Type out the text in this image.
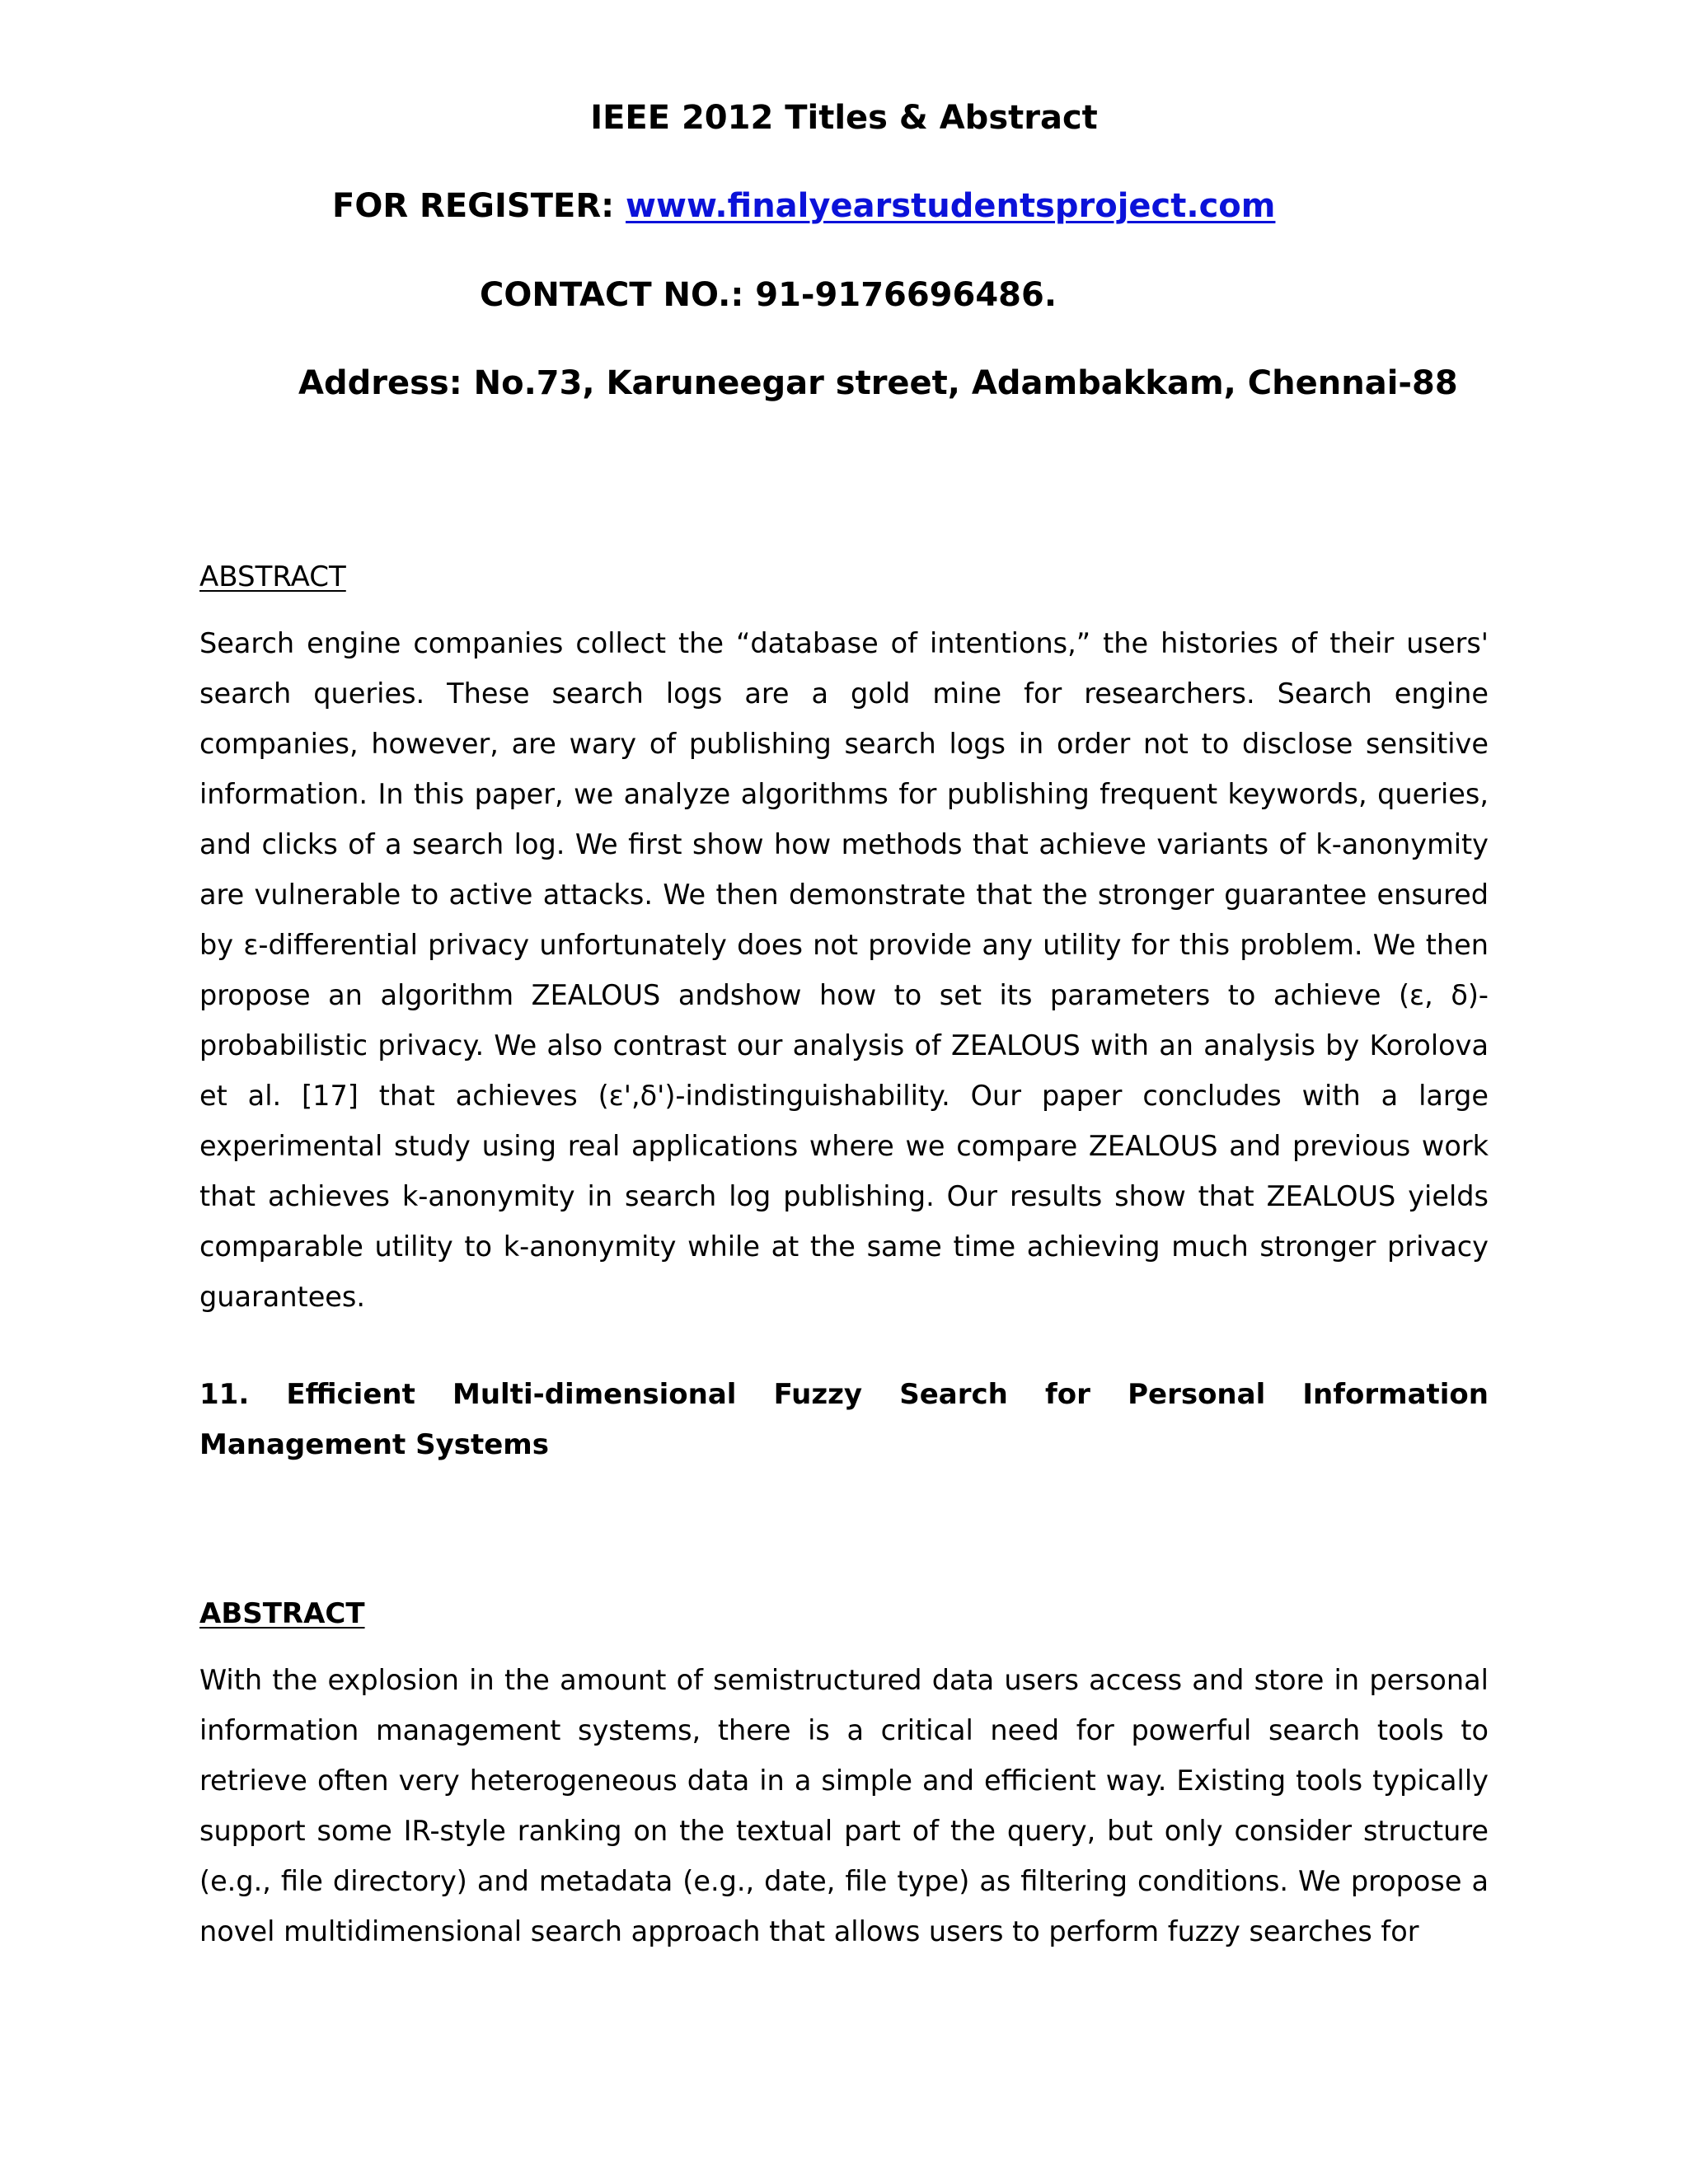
IEEE 2012 Titles & Abstract
FOR REGISTER: www.finalyearstudentsproject.com
CONTACT NO.: 91-9176696486.
Address: No.73, Karuneegar street, Adambakkam, Chennai-88

ABSTRACT

Search engine companies collect the “database of intentions,” the histories of their users' search queries. These search logs are a gold mine for researchers. Search engine companies, however, are wary of publishing search logs in order not to disclose sensitive information. In this paper, we analyze algorithms for publishing frequent keywords, queries, and clicks of a search log. We first show how methods that achieve variants of k-anonymity are vulnerable to active attacks. We then demonstrate that the stronger guarantee ensured by ε-differential privacy unfortunately does not provide any utility for this problem. We then propose an algorithm ZEALOUS andshow how to set its parameters to achieve (ε, δ)-probabilistic privacy. We also contrast our analysis of ZEALOUS with an analysis by Korolova et al. [17] that achieves (ε',δ')-indistinguishability. Our paper concludes with a large experimental study using real applications where we compare ZEALOUS and previous work that achieves k-anonymity in search log publishing. Our results show that ZEALOUS yields comparable utility to k-anonymity while at the same time achieving much stronger privacy guarantees.

11. Efficient Multi-dimensional Fuzzy Search for Personal Information Management Systems

ABSTRACT

With the explosion in the amount of semistructured data users access and store in personal information management systems, there is a critical need for powerful search tools to retrieve often very heterogeneous data in a simple and efficient way. Existing tools typically support some IR-style ranking on the textual part of the query, but only consider structure (e.g., file directory) and metadata (e.g., date, file type) as filtering conditions. We propose a novel multidimensional search approach that allows users to perform fuzzy searches for
